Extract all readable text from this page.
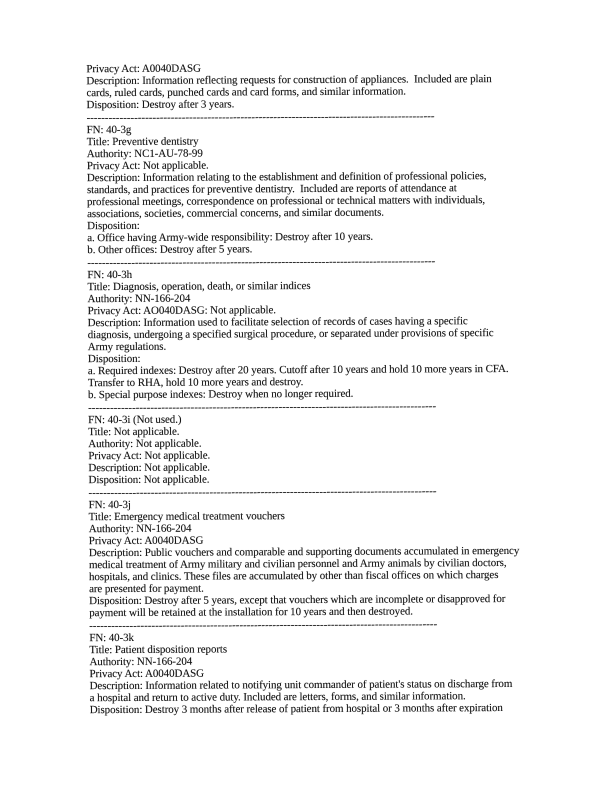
Privacy Act: A0040DASG
Description: Information reflecting requests for construction of appliances.  Included are plain
cards, ruled cards, punched cards and card forms, and similar information.
Disposition: Destroy after 3 years.
-----------------------------------------------------------------------------------------------
FN: 40-3g
Title: Preventive dentistry
Authority: NC1-AU-78-99
Privacy Act: Not applicable.
Description: Information relating to the establishment and definition of professional policies,
standards, and practices for preventive dentistry.  Included are reports of attendance at
professional meetings, correspondence on professional or technical matters with individuals,
associations, societies, commercial concerns, and similar documents.
Disposition:
a. Office having Army-wide responsibility: Destroy after 10 years.
b. Other offices: Destroy after 5 years.
-----------------------------------------------------------------------------------------------
FN: 40-3h
Title: Diagnosis, operation, death, or similar indices
Authority: NN-166-204
Privacy Act: AO040DASG: Not applicable.
Description: Information used to facilitate selection of records of cases having a specific
diagnosis, undergoing a specified surgical procedure, or separated under provisions of specific
Army regulations.
Disposition:
a. Required indexes: Destroy after 20 years. Cutoff after 10 years and hold 10 more years in CFA.
Transfer to RHA, hold 10 more years and destroy.
b. Special purpose indexes: Destroy when no longer required.
-----------------------------------------------------------------------------------------------
FN: 40-3i (Not used.)
Title: Not applicable.
Authority: Not applicable.
Privacy Act: Not applicable.
Description: Not applicable.
Disposition: Not applicable.
-----------------------------------------------------------------------------------------------
FN: 40-3j
Title: Emergency medical treatment vouchers
Authority: NN-166-204
Privacy Act: A0040DASG
Description: Public vouchers and comparable and supporting documents accumulated in emergency
medical treatment of Army military and civilian personnel and Army animals by civilian doctors,
hospitals, and clinics. These files are accumulated by other than fiscal offices on which charges
are presented for payment.
Disposition: Destroy after 5 years, except that vouchers which are incomplete or disapproved for
payment will be retained at the installation for 10 years and then destroyed.
-----------------------------------------------------------------------------------------------
FN: 40-3k
Title: Patient disposition reports
Authority: NN-166-204
Privacy Act: A0040DASG
Description: Information related to notifying unit commander of patient's status on discharge from
a hospital and return to active duty. Included are letters, forms, and similar information.
Disposition: Destroy 3 months after release of patient from hospital or 3 months after expiration
